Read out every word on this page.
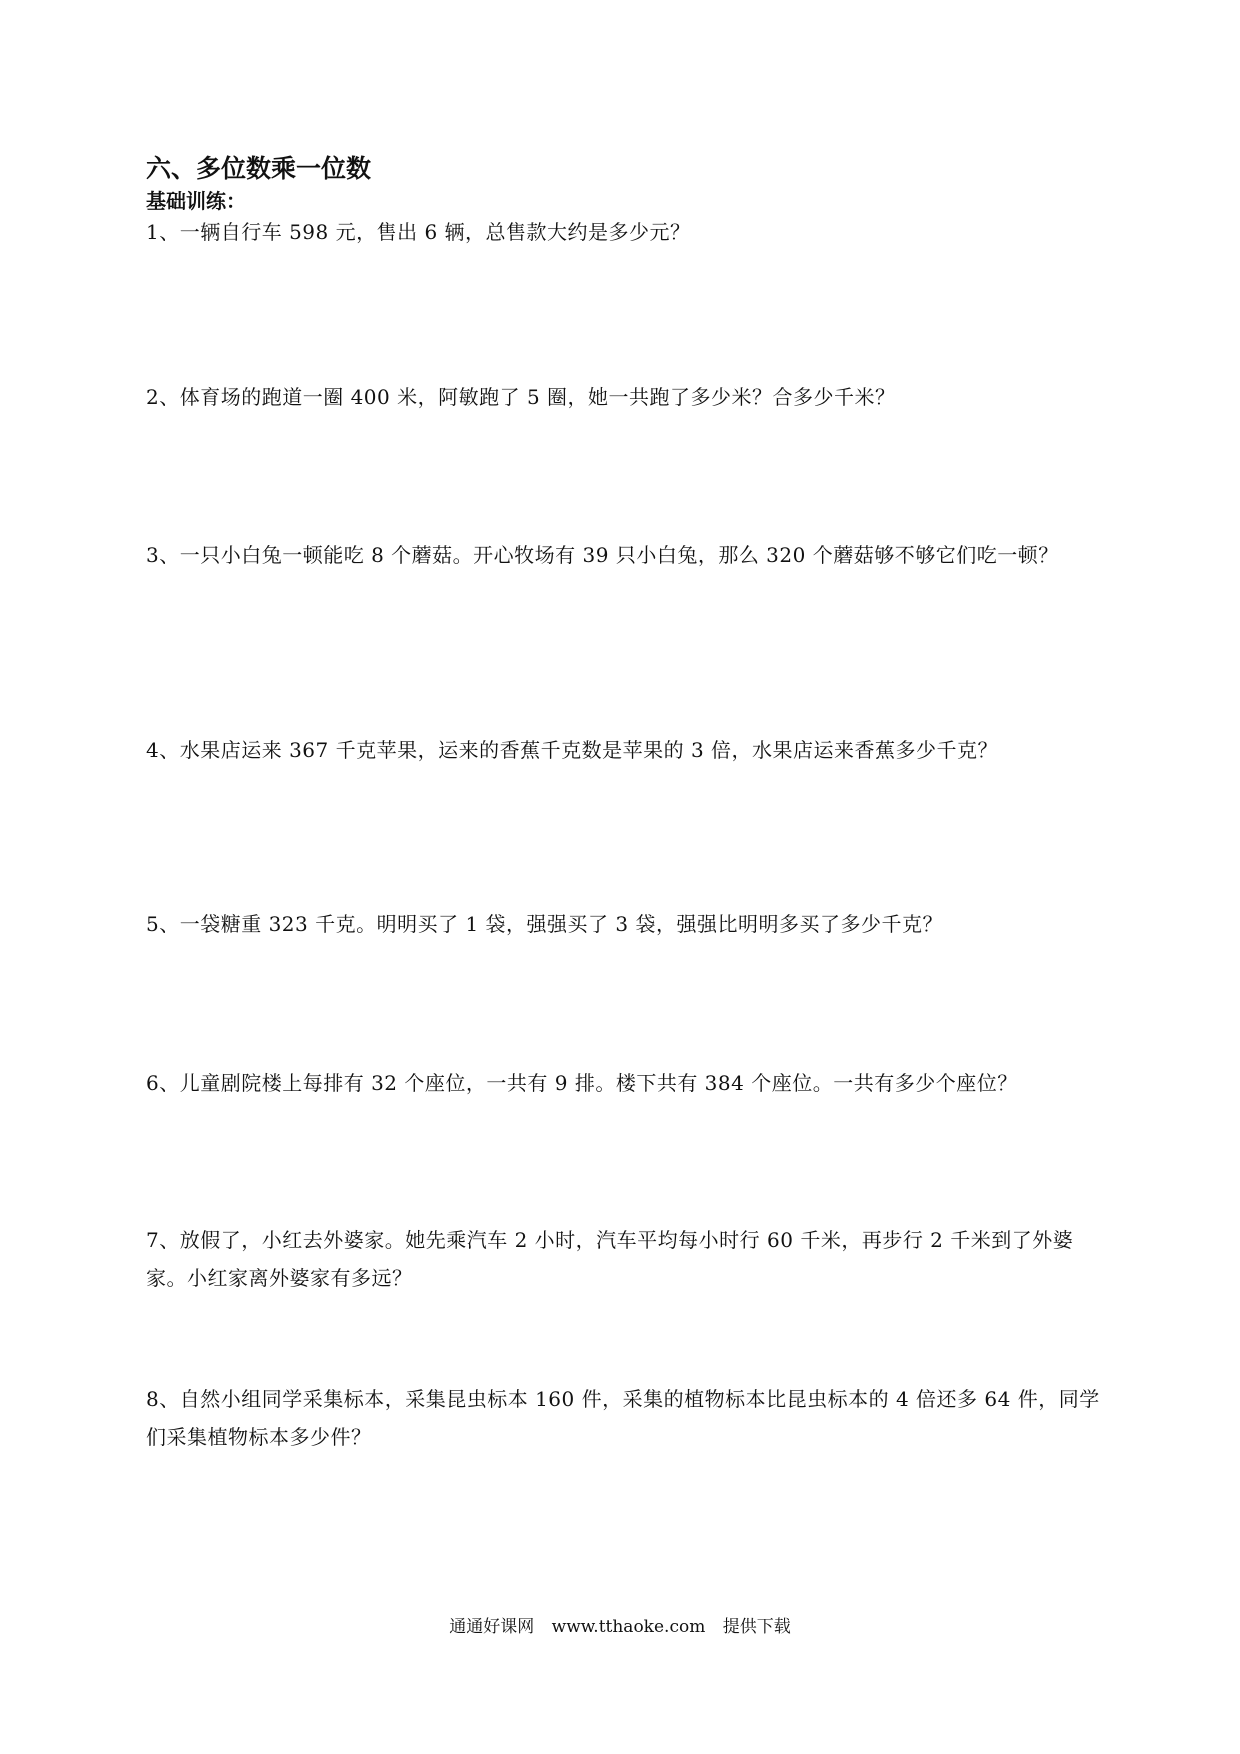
六、多位数乘一位数
基础训练：
1、一辆自行车 598 元，售出 6 辆，总售款大约是多少元？
2、体育场的跑道一圈 400 米，阿敏跑了 5 圈，她一共跑了多少米？合多少千米？
3、一只小白兔一顿能吃 8 个蘑菇。开心牧场有 39 只小白兔，那么 320 个蘑菇够不够它们吃一顿？
4、水果店运来 367 千克苹果，运来的香蕉千克数是苹果的 3 倍，水果店运来香蕉多少千克？
5、一袋糖重 323 千克。明明买了 1 袋，强强买了 3 袋，强强比明明多买了多少千克？
6、儿童剧院楼上每排有 32 个座位，一共有 9 排。楼下共有 384 个座位。一共有多少个座位？
7、放假了，小红去外婆家。她先乘汽车 2 小时，汽车平均每小时行 60 千米，再步行 2 千米到了外婆家。小红家离外婆家有多远？
8、自然小组同学采集标本，采集昆虫标本 160 件，采集的植物标本比昆虫标本的 4 倍还多 64 件，同学们采集植物标本多少件？
通通好课网 www.tthaoke.com 提供下载
